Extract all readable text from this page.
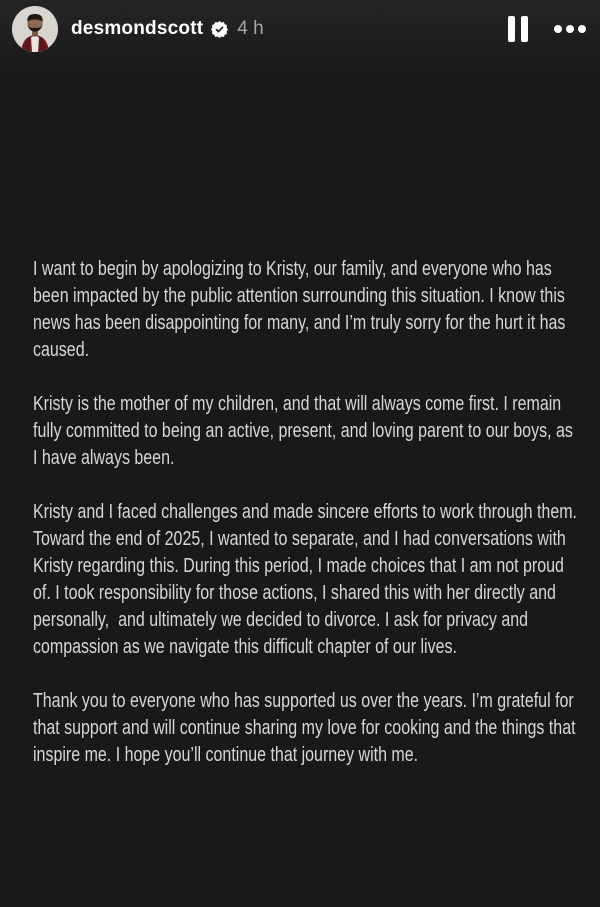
desmondscott 4 h

I want to begin by apologizing to Kristy, our family, and everyone who has been impacted by the public attention surrounding this situation. I know this news has been disappointing for many, and I’m truly sorry for the hurt it has caused.

Kristy is the mother of my children, and that will always come first. I remain fully committed to being an active, present, and loving parent to our boys, as I have always been.

Kristy and I faced challenges and made sincere efforts to work through them. Toward the end of 2025, I wanted to separate, and I had conversations with Kristy regarding this. During this period, I made choices that I am not proud of. I took responsibility for those actions, I shared this with her directly and personally,  and ultimately we decided to divorce. I ask for privacy and compassion as we navigate this difficult chapter of our lives.

Thank you to everyone who has supported us over the years. I’m grateful for that support and will continue sharing my love for cooking and the things that inspire me. I hope you’ll continue that journey with me.
